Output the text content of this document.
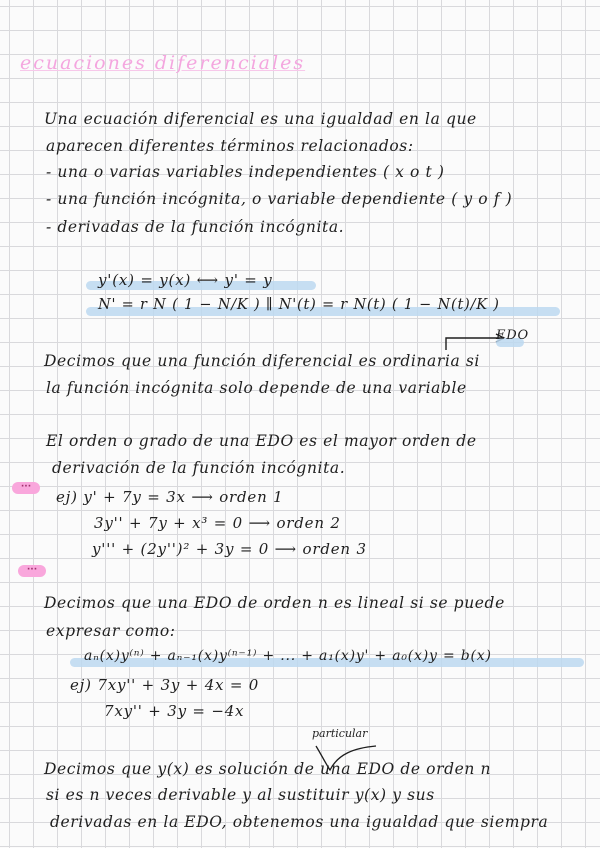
ecuaciones diferenciales
Una ecuación diferencial es una igualdad en la que
aparecen diferentes términos relacionados:
- una o varias variables independientes ( x o t )
- una función incógnita, o variable dependiente ( y o f )
- derivadas de la función incógnita.
y'(x) = y(x) ⟷ y' = y
N' = r N ( 1 − N/K ) ∥ N'(t) = r N(t) ( 1 − N(t)/K )
EDO
Decimos que una función diferencial es ordinaria si
la función incógnita solo depende de una variable
El orden o grado de una EDO es el mayor orden de
derivación de la función incógnita.
···
ej) y' + 7y = 3x ⟶ orden 1
3y'' + 7y + x³ = 0 ⟶ orden 2
y''' + (2y'')² + 3y = 0 ⟶ orden 3
···
Decimos que una EDO de orden n es lineal si se puede
expresar como:
aₙ(x)y⁽ⁿ⁾ + aₙ₋₁(x)y⁽ⁿ⁻¹⁾ + ... + a₁(x)y' + a₀(x)y = b(x)
ej) 7xy'' + 3y + 4x = 0
7xy'' + 3y = −4x
particular
Decimos que y(x) es solución de una EDO de orden n
si es n veces derivable y al sustituir y(x) y sus
derivadas en la EDO, obtenemos una igualdad que siempra
